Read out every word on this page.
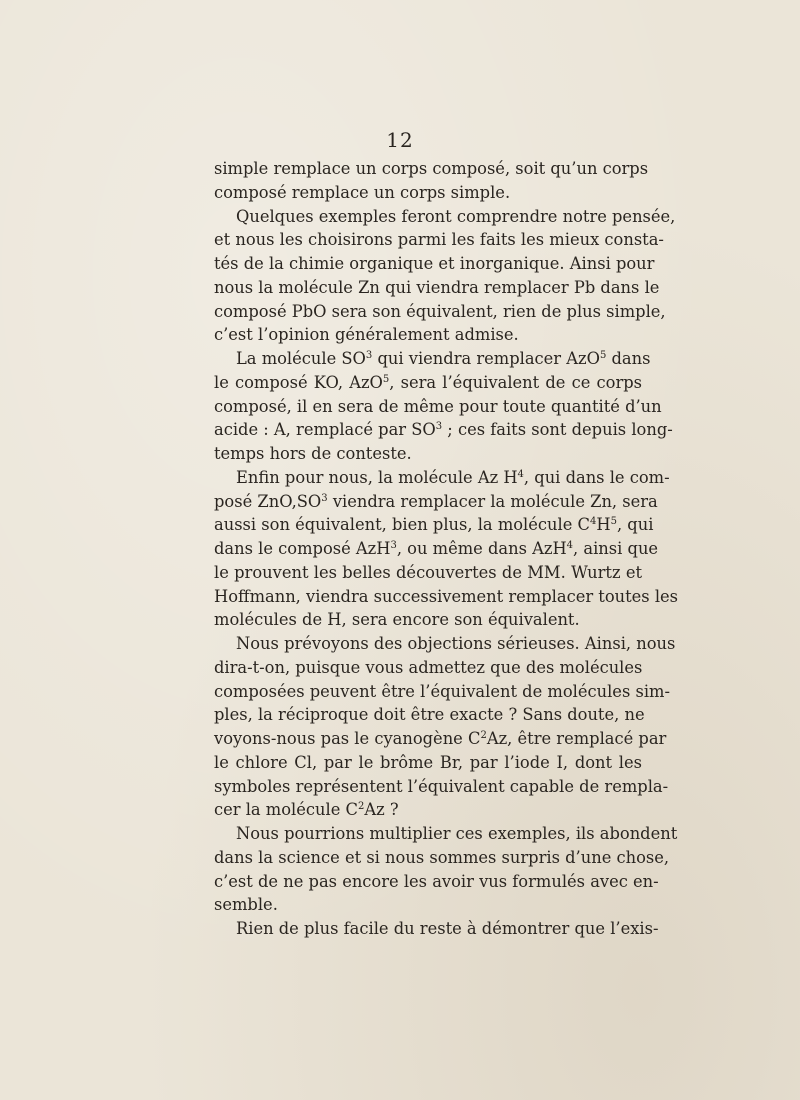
12
simple remplace un corps composé, soit qu’un corps
composé remplace un corps simple.
Quelques exemples feront comprendre notre pensée,
et nous les choisirons parmi les faits les mieux consta-
tés de la chimie organique et inorganique. Ainsi pour
nous la molécule Zn qui viendra remplacer Pb dans le
composé PbO sera son équivalent, rien de plus simple,
c’est l’opinion généralement admise.
La molécule $SO^3$ qui viendra remplacer AzO$^5$ dans
le composé KO, AzO$^5$, sera l’équivalent de ce corps
composé, il en sera de même pour toute quantité d’un
acide : A, remplacé par $SO^3$ ; ces faits sont depuis long-
temps hors de conteste.
Enfin pour nous, la molécule Az $H^4$, qui dans le com-
posé $ZnO,SO^3$ viendra remplacer la molécule Zn, sera
aussi son équivalent, bien plus, la molécule $C^4H^5$, qui
dans le composé AzH$^3$, ou même dans AzH$^4$, ainsi que
le prouvent les belles découvertes de MM. Wurtz et
Hoffmann, viendra successivement remplacer toutes les
molécules de H, sera encore son équivalent.
Nous prévoyons des objections sérieuses. Ainsi, nous
dira-t-on, puisque vous admettez que des molécules
composées peuvent être l’équivalent de molécules sim-
ples, la réciproque doit être exacte ? Sans doute, ne
voyons-nous pas le cyanogène $C^2Az$, être remplacé par
le chlore Cl, par le brôme Br, par l’iode I, dont les
symboles représentent l’équivalent capable de rempla-
cer la molécule $C^2Az$ ?
Nous pourrions multiplier ces exemples, ils abondent
dans la science et si nous sommes surpris d’une chose,
c’est de ne pas encore les avoir vus formulés avec en-
semble.
Rien de plus facile du reste à démontrer que l’exis-
